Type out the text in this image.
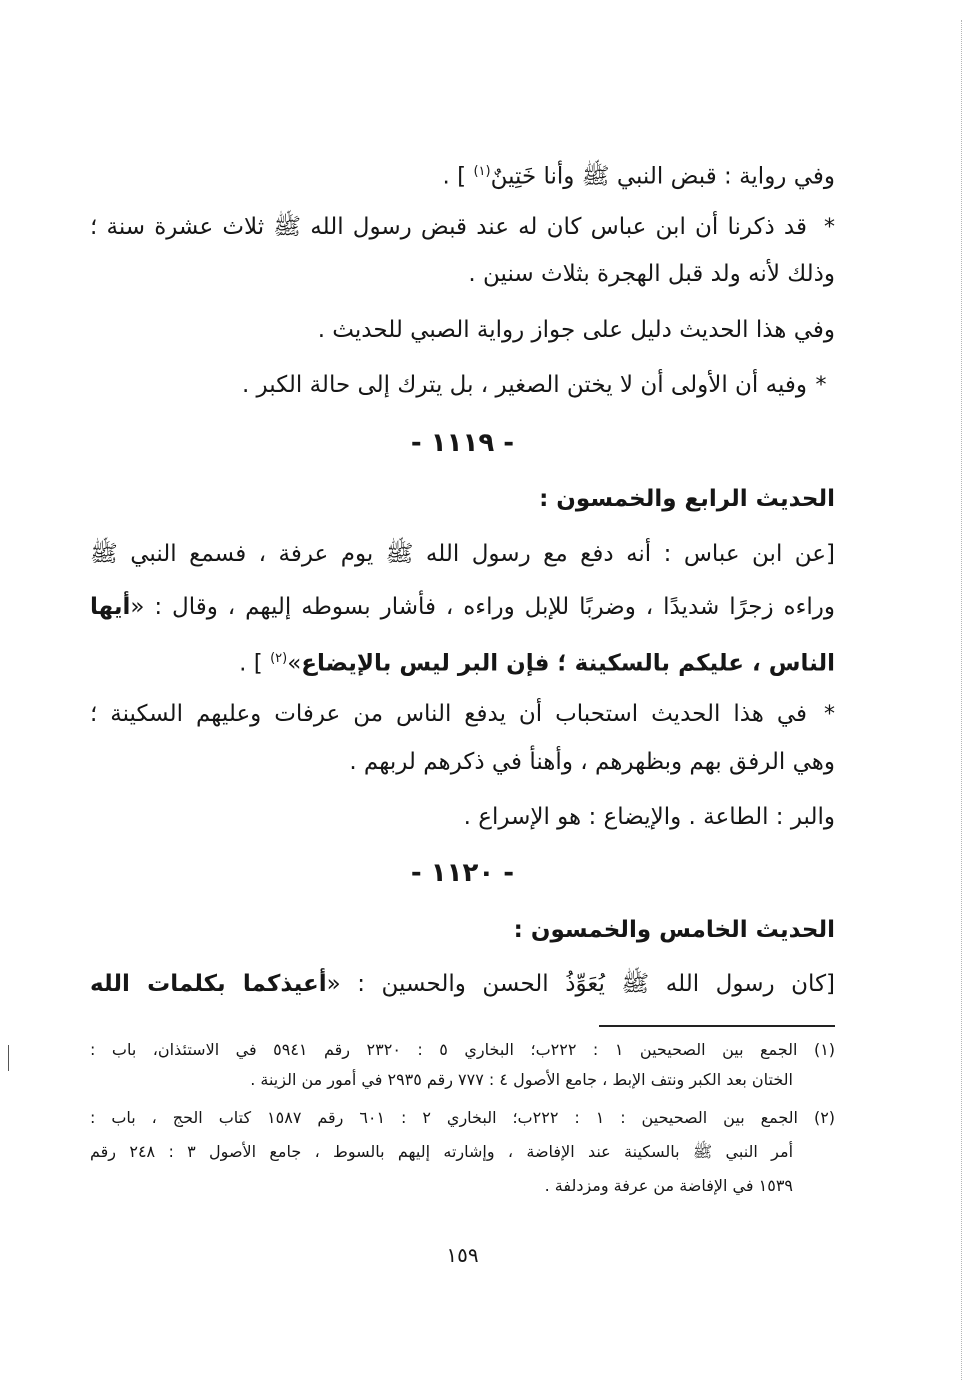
وفي رواية : قبض النبي ﷺ وأنا خَتِينٌ$^{(١)}$ ] .
*قد ذكرنا أن ابن عباس كان له عند قبض رسول الله ﷺ ثلاث عشرة سنة ؛
وذلك لأنه ولد قبل الهجرة بثلاث سنين .
وفي هذا الحديث دليل على جواز رواية الصبي للحديث .
*وفيه أن الأولى أن لا يختن الصغير ، بل يترك إلى حالة الكبر .
- ١١١٩ -
الحديث الرابع والخمسون :
[عن ابن عباس : أنه دفع مع رسول الله ﷺ يوم عرفة ، فسمع النبي ﷺ
وراءه زجرًا شديدًا ، وضربًا للإبل وراءه ، فأشار بسوطه إليهم ، وقال : «أيها
الناس ، عليكم بالسكينة ؛ فإن البر ليس بالإيضاع»$^{(٢)}$ ] .
*في هذا الحديث استحباب أن يدفع الناس من عرفات وعليهم السكينة ؛
وهي الرفق بهم وبظهرهم ، وأهنأ في ذكرهم لربهم .
والبر : الطاعة . والإيضاع : هو الإسراع .
- ١١٢٠ -
الحديث الخامس والخمسون :
[كان رسول الله ﷺ يُعَوِّذُ الحسن والحسين : «أعيذكما بكلمات الله
(١) الجمع بين الصحيحين ١ : ٢٢٢ب؛ البخاري ٥ : ٢٣٢٠ رقم ٥٩٤١ في الاستئذان، باب :
الختان بعد الكبر ونتف الإبط ، جامع الأصول ٤ : ٧٧٧ رقم ٢٩٣٥ في أمور من الزينة .
(٢) الجمع بين الصحيحين : ١ : ٢٢٢ب؛ البخاري ٢ : ٦٠١ رقم ١٥٨٧ كتاب الحج ، باب :
أمر النبي ﷺ بالسكينة عند الإفاضة ، وإشارته إليهم بالسوط ، جامع الأصول ٣ : ٢٤٨ رقم
١٥٣٩ في الإفاضة من عرفة ومزدلفة .
١٥٩
